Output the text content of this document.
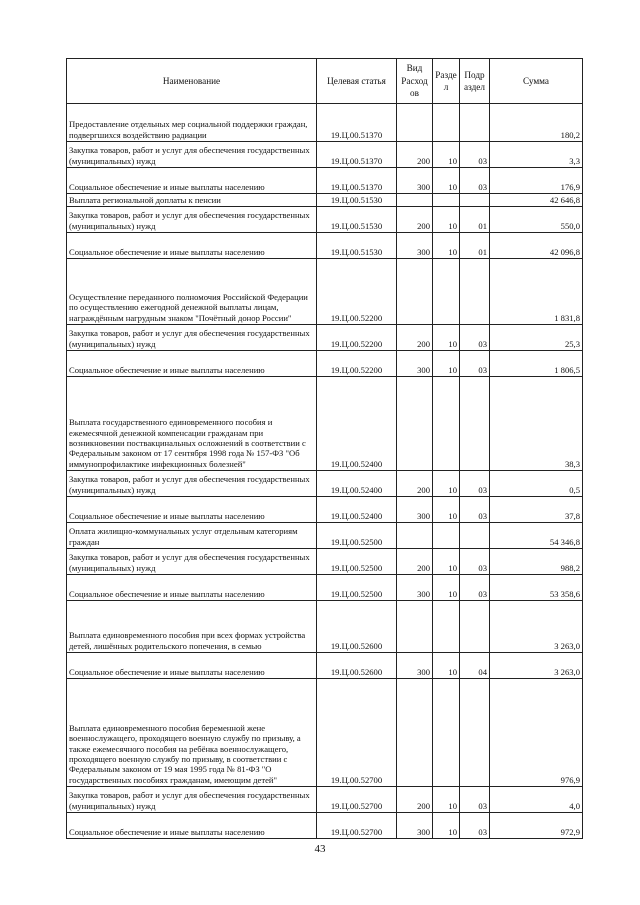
Наименование	Целевая статья	Вид Расход ов	Разде л	Подр аздел	Сумма
Предоставление отдельных мер социальной поддержки граждан, подвергшихся воздействию радиации	19.Ц.00.51370				180,2
Закупка товаров, работ и услуг для обеспечения государственных (муниципальных) нужд	19.Ц.00.51370	200	10	03	3,3
Социальное обеспечение и иные выплаты населению	19.Ц.00.51370	300	10	03	176,9
Выплата региональной доплаты к пенсии	19.Ц.00.51530				42 646,8
Закупка товаров, работ и услуг для обеспечения государственных (муниципальных) нужд	19.Ц.00.51530	200	10	01	550,0
Социальное обеспечение и иные выплаты населению	19.Ц.00.51530	300	10	01	42 096,8
Осуществление переданного полномочия Российской Федерации по осуществлению ежегодной денежной выплаты лицам, награждённым нагрудным знаком "Почётный донор России"	19.Ц.00.52200				1 831,8
Закупка товаров, работ и услуг для обеспечения государственных (муниципальных) нужд	19.Ц.00.52200	200	10	03	25,3
Социальное обеспечение и иные выплаты населению	19.Ц.00.52200	300	10	03	1 806,5
Выплата государственного единовременного пособия и ежемесячной денежной компенсации гражданам при возникновении поствакцинальных осложнений в соответствии с Федеральным законом от 17 сентября 1998 года № 157-ФЗ "Об иммунопрофилактике инфекционных болезней"	19.Ц.00.52400				38,3
Закупка товаров, работ и услуг для обеспечения государственных (муниципальных) нужд	19.Ц.00.52400	200	10	03	0,5
Социальное обеспечение и иные выплаты населению	19.Ц.00.52400	300	10	03	37,8
Оплата жилищно-коммунальных услуг отдельным категориям граждан	19.Ц.00.52500				54 346,8
Закупка товаров, работ и услуг для обеспечения государственных (муниципальных) нужд	19.Ц.00.52500	200	10	03	988,2
Социальное обеспечение и иные выплаты населению	19.Ц.00.52500	300	10	03	53 358,6
Выплата единовременного пособия при всех формах устройства детей, лишённых родительского попечения, в семью	19.Ц.00.52600				3 263,0
Социальное обеспечение и иные выплаты населению	19.Ц.00.52600	300	10	04	3 263,0
Выплата единовременного пособия беременной жене военнослужащего, проходящего военную службу по призыву, а также ежемесячного пособия на ребёнка военнослужащего, проходящего военную службу по призыву, в соответствии с Федеральным законом от 19 мая 1995 года № 81-ФЗ "О государственных пособиях гражданам, имеющим детей"	19.Ц.00.52700				976,9
Закупка товаров, работ и услуг для обеспечения государственных (муниципальных) нужд	19.Ц.00.52700	200	10	03	4,0
Социальное обеспечение и иные выплаты населению	19.Ц.00.52700	300	10	03	972,9
43
